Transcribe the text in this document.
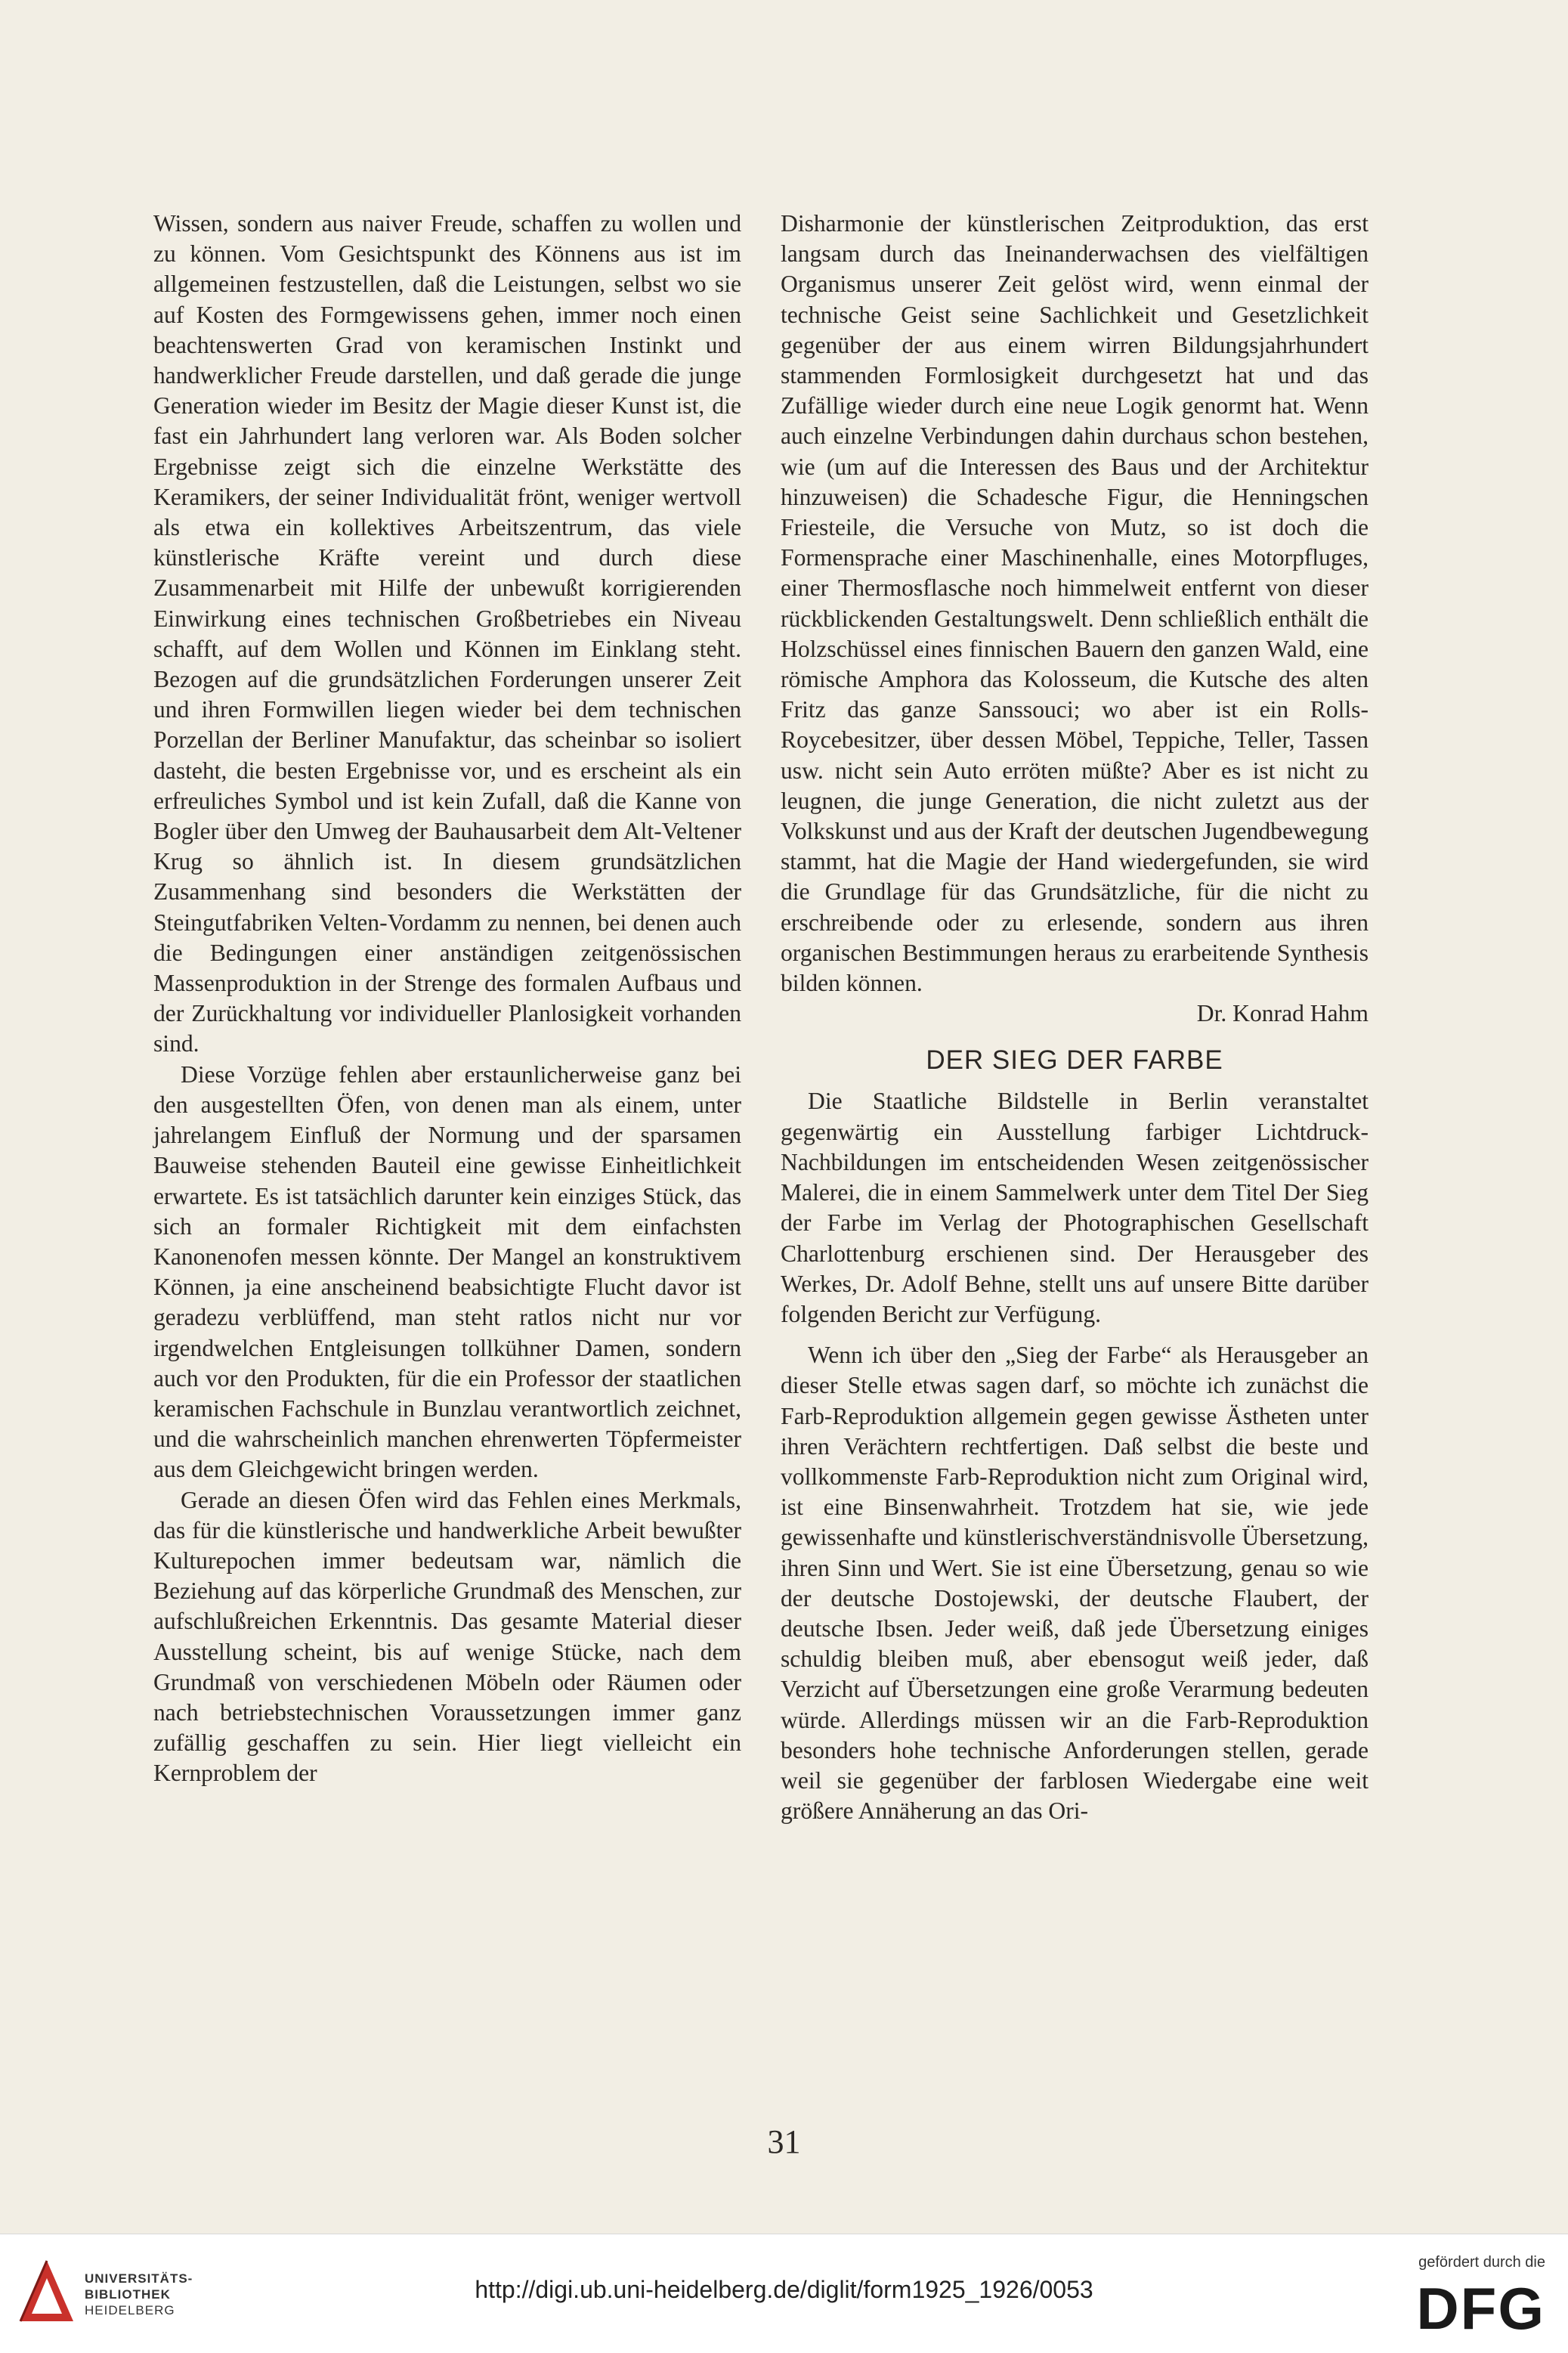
Wissen, sondern aus naiver Freude, schaffen zu wollen und zu können. Vom Gesichtspunkt des Könnens aus ist im allgemeinen festzustellen, daß die Leistungen, selbst wo sie auf Kosten des Formgewissens gehen, immer noch einen beachtenswerten Grad von keramischen Instinkt und handwerklicher Freude darstellen, und daß gerade die junge Generation wieder im Besitz der Magie dieser Kunst ist, die fast ein Jahrhundert lang verloren war. Als Boden solcher Ergebnisse zeigt sich die einzelne Werkstätte des Keramikers, der seiner Individualität frönt, weniger wertvoll als etwa ein kollektives Arbeitszentrum, das viele künstlerische Kräfte vereint und durch diese Zusammenarbeit mit Hilfe der unbewußt korrigierenden Einwirkung eines technischen Großbetriebes ein Niveau schafft, auf dem Wollen und Können im Einklang steht. Bezogen auf die grundsätzlichen Forderungen unserer Zeit und ihren Formwillen liegen wieder bei dem technischen Porzellan der Berliner Manufaktur, das scheinbar so isoliert dasteht, die besten Ergebnisse vor, und es erscheint als ein erfreuliches Symbol und ist kein Zufall, daß die Kanne von Bogler über den Umweg der Bauhausarbeit dem Alt-Veltener Krug so ähnlich ist. In diesem grundsätzlichen Zusammenhang sind besonders die Werkstätten der Steingutfabriken Velten-Vordamm zu nennen, bei denen auch die Bedingungen einer anständigen zeitgenössischen Massenproduktion in der Strenge des formalen Aufbaus und der Zurückhaltung vor individueller Planlosigkeit vorhanden sind.

Diese Vorzüge fehlen aber erstaunlicherweise ganz bei den ausgestellten Öfen, von denen man als einem, unter jahrelangem Einfluß der Normung und der sparsamen Bauweise stehenden Bauteil eine gewisse Einheitlichkeit erwartete. Es ist tatsächlich darunter kein einziges Stück, das sich an formaler Richtigkeit mit dem einfachsten Kanonenofen messen könnte. Der Mangel an konstruktivem Können, ja eine anscheinend beabsichtigte Flucht davor ist geradezu verblüffend, man steht ratlos nicht nur vor irgendwelchen Entgleisungen tollkühner Damen, sondern auch vor den Produkten, für die ein Professor der staatlichen keramischen Fachschule in Bunzlau verantwortlich zeichnet, und die wahrscheinlich manchen ehrenwerten Töpfermeister aus dem Gleichgewicht bringen werden.

Gerade an diesen Öfen wird das Fehlen eines Merkmals, das für die künstlerische und handwerkliche Arbeit bewußter Kulturepochen immer bedeutsam war, nämlich die Beziehung auf das körperliche Grundmaß des Menschen, zur aufschlußreichen Erkenntnis. Das gesamte Material dieser Ausstellung scheint, bis auf wenige Stücke, nach dem Grundmaß von verschiedenen Möbeln oder Räumen oder nach betriebstechnischen Voraussetzungen immer ganz zufällig geschaffen zu sein. Hier liegt vielleicht ein Kernproblem der

Disharmonie der künstlerischen Zeitproduktion, das erst langsam durch das Ineinanderwachsen des vielfältigen Organismus unserer Zeit gelöst wird, wenn einmal der technische Geist seine Sachlichkeit und Gesetzlichkeit gegenüber der aus einem wirren Bildungsjahrhundert stammenden Formlosigkeit durchgesetzt hat und das Zufällige wieder durch eine neue Logik genormt hat. Wenn auch einzelne Verbindungen dahin durchaus schon bestehen, wie (um auf die Interessen des Baus und der Architektur hinzuweisen) die Schadesche Figur, die Henningschen Friesteile, die Versuche von Mutz, so ist doch die Formensprache einer Maschinenhalle, eines Motorpfluges, einer Thermosflasche noch himmelweit entfernt von dieser rückblickenden Gestaltungswelt. Denn schließlich enthält die Holzschüssel eines finnischen Bauern den ganzen Wald, eine römische Amphora das Kolosseum, die Kutsche des alten Fritz das ganze Sanssouci; wo aber ist ein Rolls-Roycebesitzer, über dessen Möbel, Teppiche, Teller, Tassen usw. nicht sein Auto erröten müßte? Aber es ist nicht zu leugnen, die junge Generation, die nicht zuletzt aus der Volkskunst und aus der Kraft der deutschen Jugendbewegung stammt, hat die Magie der Hand wiedergefunden, sie wird die Grundlage für das Grundsätzliche, für die nicht zu erschreibende oder zu erlesende, sondern aus ihren organischen Bestimmungen heraus zu erarbeitende Synthesis bilden können.

Dr. Konrad Hahm

DER SIEG DER FARBE

Die Staatliche Bildstelle in Berlin veranstaltet gegenwärtig ein Ausstellung farbiger Lichtdruck-Nachbildungen im entscheidenden Wesen zeitgenössischer Malerei, die in einem Sammelwerk unter dem Titel Der Sieg der Farbe im Verlag der Photographischen Gesellschaft Charlottenburg erschienen sind. Der Herausgeber des Werkes, Dr. Adolf Behne, stellt uns auf unsere Bitte darüber folgenden Bericht zur Verfügung.

Wenn ich über den „Sieg der Farbe“ als Herausgeber an dieser Stelle etwas sagen darf, so möchte ich zunächst die Farb-Reproduktion allgemein gegen gewisse Ästheten unter ihren Verächtern rechtfertigen. Daß selbst die beste und vollkommenste Farb-Reproduktion nicht zum Original wird, ist eine Binsenwahrheit. Trotzdem hat sie, wie jede gewissenhafte und künstlerischverständnisvolle Übersetzung, ihren Sinn und Wert. Sie ist eine Übersetzung, genau so wie der deutsche Dostojewski, der deutsche Flaubert, der deutsche Ibsen. Jeder weiß, daß jede Übersetzung einiges schuldig bleiben muß, aber ebensogut weiß jeder, daß Verzicht auf Übersetzungen eine große Verarmung bedeuten würde. Allerdings müssen wir an die Farb-Reproduktion besonders hohe technische Anforderungen stellen, gerade weil sie gegenüber der farblosen Wiedergabe eine weit größere Annäherung an das Ori-

31
UNIVERSITÄTS-
BIBLIOTHEK
HEIDELBERG
http://digi.ub.uni-heidelberg.de/diglit/form1925_1926/0053
gefördert durch die
DFG
